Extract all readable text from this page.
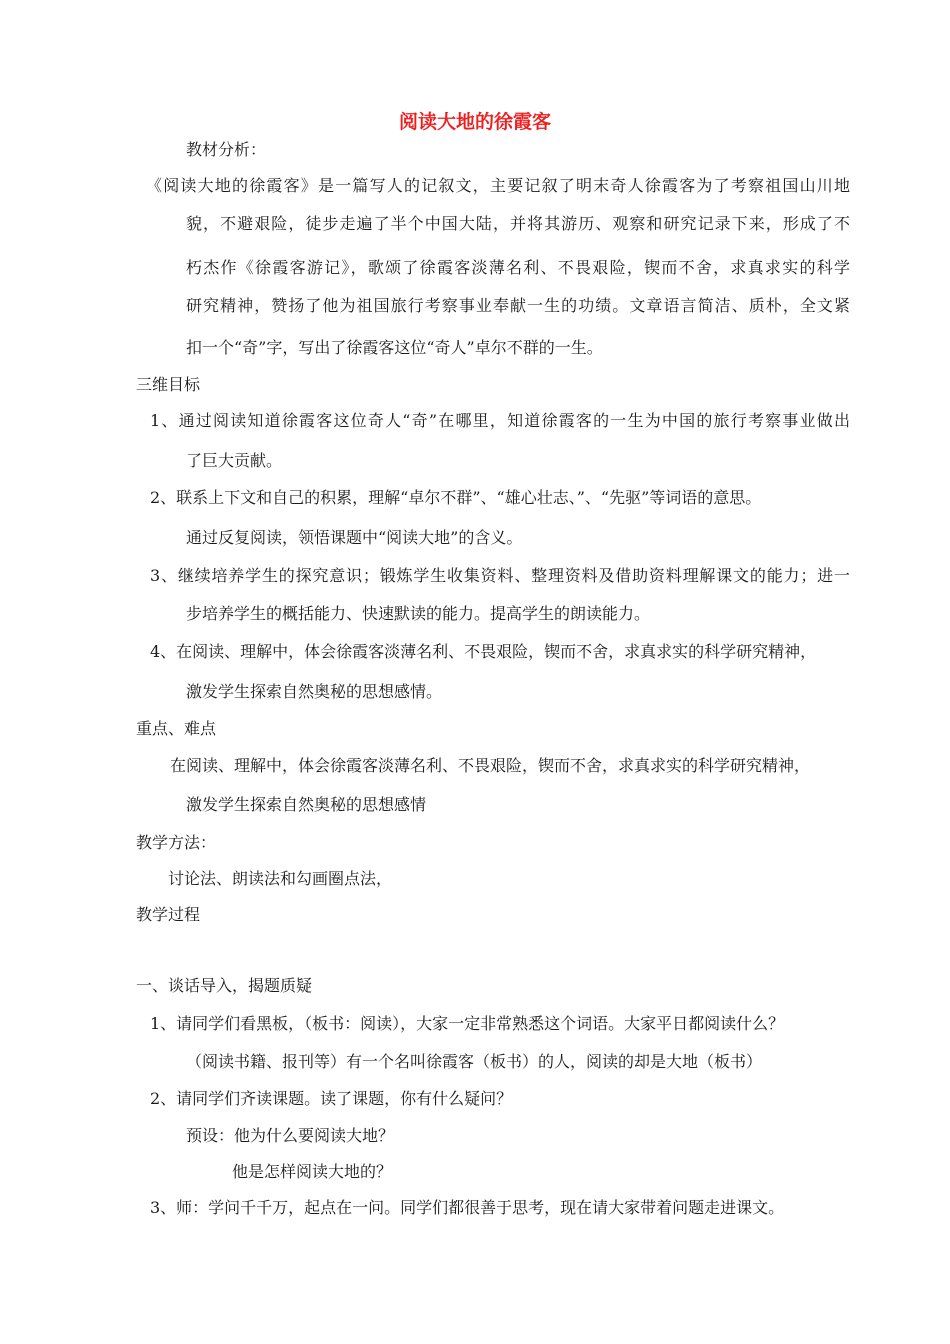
阅读大地的徐霞客
教材分析：
《阅读大地的徐霞客》是一篇写人的记叙文，主要记叙了明末奇人徐霞客为了考察祖国山川地
貌，不避艰险，徒步走遍了半个中国大陆，并将其游历、观察和研究记录下来，形成了不
朽杰作《徐霞客游记》，歌颂了徐霞客淡薄名利、不畏艰险，锲而不舍，求真求实的科学
研究精神，赞扬了他为祖国旅行考察事业奉献一生的功绩。文章语言简洁、质朴，全文紧
扣一个“奇”字，写出了徐霞客这位“奇人”卓尔不群的一生。
三维目标
1、通过阅读知道徐霞客这位奇人“奇”在哪里，知道徐霞客的一生为中国的旅行考察事业做出
了巨大贡献。
2、联系上下文和自己的积累，理解“卓尔不群”、“雄心壮志、”、“先驱”等词语的意思。
通过反复阅读，领悟课题中“阅读大地”的含义。
3、继续培养学生的探究意识；锻炼学生收集资料、整理资料及借助资料理解课文的能力；进一
步培养学生的概括能力、快速默读的能力。提高学生的朗读能力。
4、在阅读、理解中，体会徐霞客淡薄名利、不畏艰险，锲而不舍，求真求实的科学研究精神，
激发学生探索自然奥秘的思想感情。
重点、难点
在阅读、理解中，体会徐霞客淡薄名利、不畏艰险，锲而不舍，求真求实的科学研究精神，
激发学生探索自然奥秘的思想感情
教学方法：
讨论法、朗读法和勾画圈点法，
教学过程
一、谈话导入，揭题质疑
1、请同学们看黑板，（板书：阅读），大家一定非常熟悉这个词语。大家平日都阅读什么？
（阅读书籍、报刊等）有一个名叫徐霞客（板书）的人，阅读的却是大地（板书）
2、请同学们齐读课题。读了课题，你有什么疑问？
预设：他为什么要阅读大地？
他是怎样阅读大地的？
3、师：学问千千万，起点在一问。同学们都很善于思考，现在请大家带着问题走进课文。
